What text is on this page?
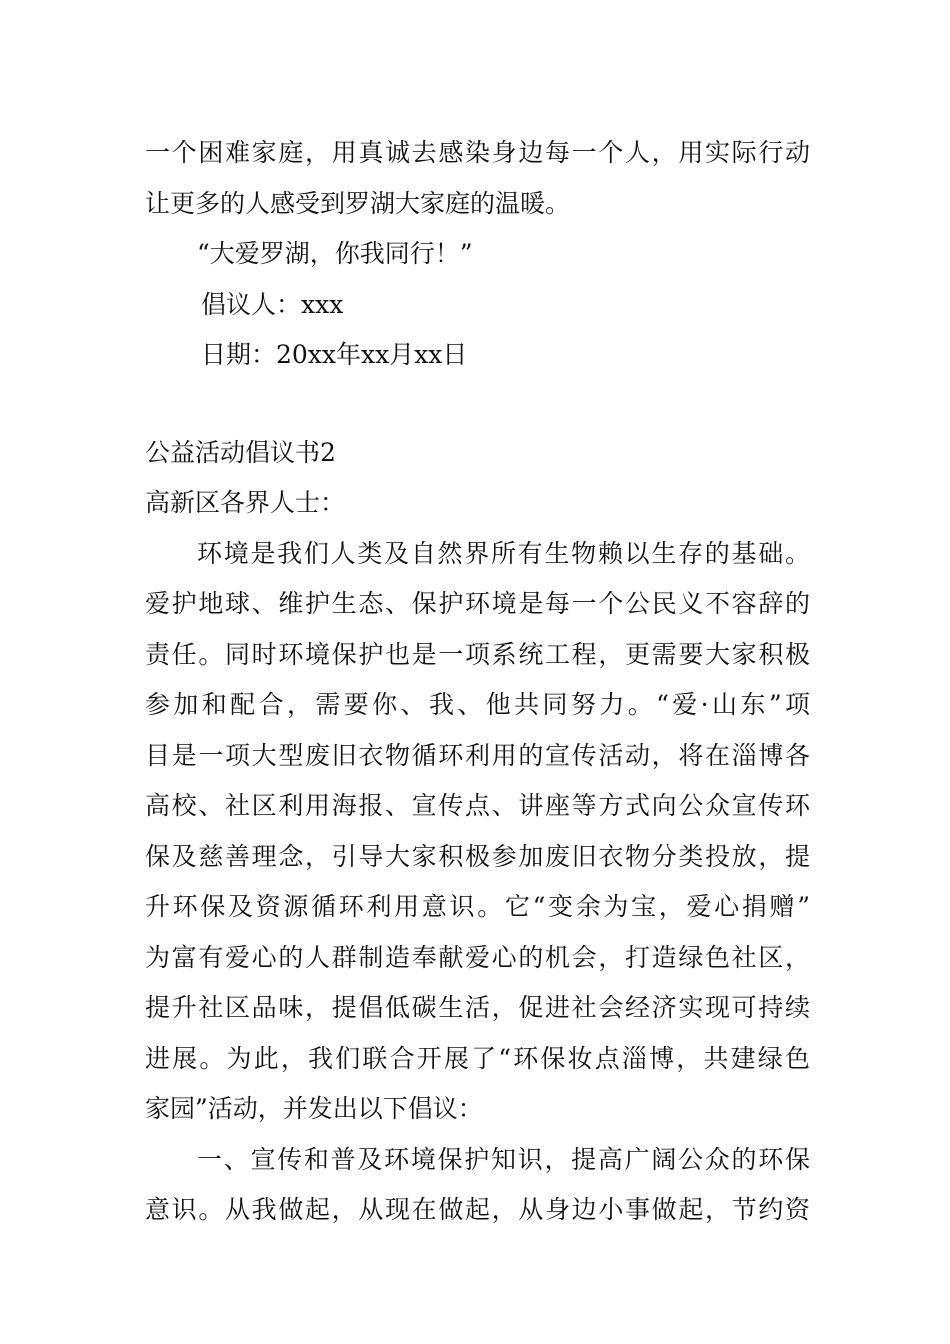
一个困难家庭，用真诚去感染身边每一个人，用实际行动
让更多的人感受到罗湖大家庭的温暖。
“大爱罗湖，你我同行！”
倡议人：xxx
日期：20xx年xx月xx日
公益活动倡议书2
高新区各界人士：
环境是我们人类及自然界所有生物赖以生存的基础。
爱护地球、维护生态、保护环境是每一个公民义不容辞的
责任。同时环境保护也是一项系统工程，更需要大家积极
参加和配合，需要你、我、他共同努力。“爱·山东”项
目是一项大型废旧衣物循环利用的宣传活动，将在淄博各
高校、社区利用海报、宣传点、讲座等方式向公众宣传环
保及慈善理念，引导大家积极参加废旧衣物分类投放，提
升环保及资源循环利用意识。它“变余为宝，爱心捐赠”
为富有爱心的人群制造奉献爱心的机会，打造绿色社区，
提升社区品味，提倡低碳生活，促进社会经济实现可持续
进展。为此，我们联合开展了“环保妆点淄博，共建绿色
家园”活动，并发出以下倡议：
一、宣传和普及环境保护知识，提高广阔公众的环保
意识。从我做起，从现在做起，从身边小事做起，节约资
